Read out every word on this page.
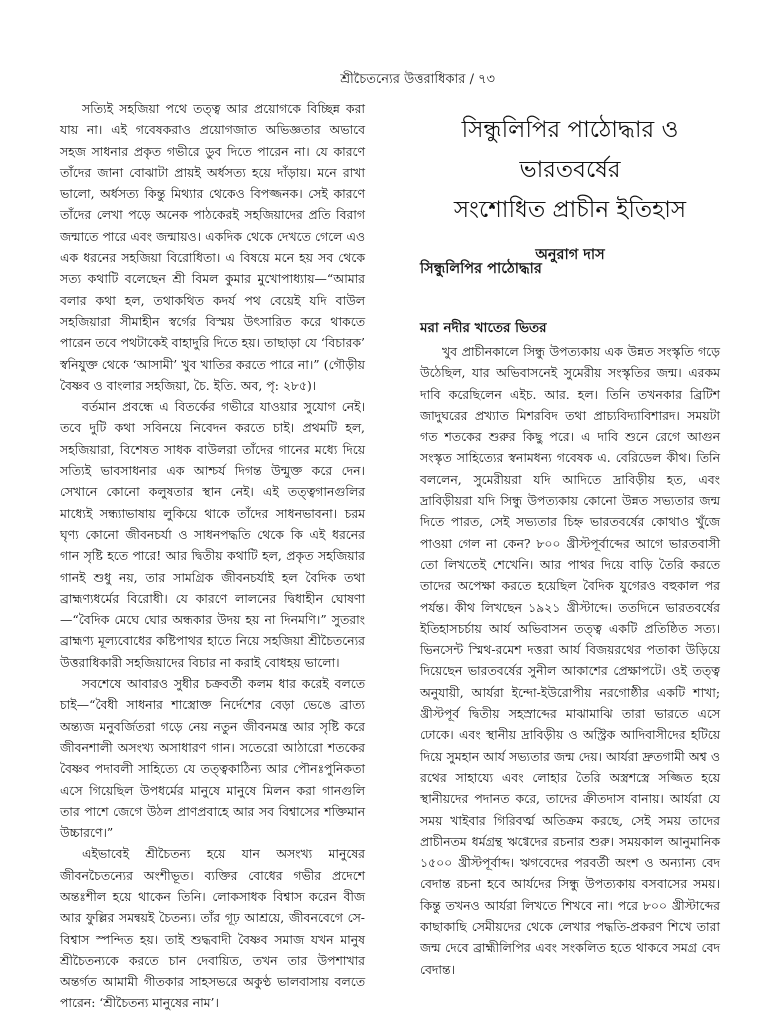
শ্রীচৈতন্যের উত্তরাধিকার / ৭৩

সত্যিই সহজিয়া পথে তত্ত্ব আর প্রয়োগকে বিচ্ছিন্ন করা যায় না। এই গবেষকরাও প্রয়োগজাত অভিজ্ঞতার অভাবে সহজ সাধনার প্রকৃত গভীরে ডুব দিতে পারেন না। যে কারণে তাঁদের জানা বোঝাটা প্রায়ই অর্ধসত্য হয়ে দাঁড়ায়। মনে রাখা ভালো, অর্ধসত্য কিন্তু মিথ্যার থেকেও বিপজ্জনক। সেই কারণে তাঁদের লেখা পড়ে অনেক পাঠকেরই সহজিয়াদের প্রতি বিরাগ জন্মাতে পারে এবং জন্মায়ও। একদিক থেকে দেখতে গেলে এও এক ধরনের সহজিয়া বিরোধিতা। এ বিষয়ে মনে হয় সব থেকে সত্য কথাটি বলেছেন শ্রী বিমল কুমার মুখোপাধ্যায়—“আমার বলার কথা হল, তথাকথিত কদর্য পথ বেয়েই যদি বাউল সহজিয়ারা সীমাহীন স্বর্গের বিস্ময় উৎসারিত করে থাকতে পারেন তবে পথটাকেই বাহাদুরি দিতে হয়। তাছাড়া যে ‘বিচারক’ স্বনিযুক্ত থেকে ‘আসামী’ খুব খাতির করতে পারে না।” (গৌড়ীয় বৈষ্ণব ও বাংলার সহজিয়া, চৈ. ইতি. অব, পৃ: ২৮৫)।

বর্তমান প্রবন্ধে এ বিতর্কের গভীরে যাওয়ার সুযোগ নেই। তবে দুটি কথা সবিনয়ে নিবেদন করতে চাই। প্রথমটি হল, সহজিয়ারা, বিশেষত সাধক বাউলরা তাঁদের গানের মধ্যে দিয়ে সত্যিই ভাবসাধনার এক আশ্চর্য দিগন্ত উন্মুক্ত করে দেন। সেখানে কোনো কলুষতার স্থান নেই। এই তত্ত্বগানগুলির মাধ্যেই সন্ধ্যাভাষায় লুকিয়ে থাকে তাঁদের সাধনভাবনা। চরম ঘৃণ্য কোনো জীবনচর্যা ও সাধনপদ্ধতি থেকে কি এই ধরনের গান সৃষ্টি হতে পারে! আর দ্বিতীয় কথাটি হল, প্রকৃত সহজিয়ার গানই শুধু নয়, তার সামগ্রিক জীবনচর্যাই হল বৈদিক তথা ব্রাহ্মণ্যধর্মের বিরোধী। যে কারণে লালনের দ্বিধাহীন ঘোষণা—“বৈদিক মেঘে ঘোর অন্ধকার উদয় হয় না দিনমণি।” সুতরাং ব্রাহ্মণ্য মূল্যবোধের কষ্টিপাথর হাতে নিয়ে সহজিয়া শ্রীচৈতন্যের উত্তরাধিকারী সহজিয়াদের বিচার না করাই বোধহয় ভালো।

সবশেষে আবারও সুধীর চক্রবর্তী কলম ধার করেই বলতে চাই—“বৈধী সাধনার শাস্ত্রোক্ত নির্দেশের বেড়া ভেঙে ব্রাত্য অন্ত্যজ মনুবর্জিতরা গড়ে নেয় নতুন জীবনমন্ত্র আর সৃষ্টি করে জীবনশালী অসংখ্য অসাধারণ গান। সতেরো আঠারো শতকের বৈষ্ণব পদাবলী সাহিত্যে যে তত্ত্বকাঠিন্য আর পৌনঃপুনিকতা এসে গিয়েছিল উপধর্মের মানুষে মানুষে মিলন করা গানগুলি তার পাশে জেগে উঠল প্রাণপ্রবাহে আর সব বিশ্বাসের শক্তিমান উচ্চারণে।”

এইভাবেই শ্রীচৈতন্য হয়ে যান অসংখ্য মানুষের জীবনচৈতন্যের অংশীভূত। ব্যক্তির বোধের গভীর প্রদেশে অন্তঃশীল হয়ে থাকেন তিনি। লোকসাধক বিশ্বাস করেন বীজ আর ফুল্লির সমন্বয়ই চৈতন্য। তাঁর গূঢ় আশ্রয়ে, জীবনবেগে সে-বিশ্বাস স্পন্দিত হয়। তাই শুদ্ধবাদী বৈষ্ণব সমাজ যখন মানুষ শ্রীচৈতন্যকে করতে চান দেবায়িত, তখন তার উপশাখার অন্তর্গত আমামী গীতকার সাহসভরে অকুণ্ঠ ভালবাসায় বলতে পারেন: ‘শ্রীচৈতন্য মানুষের নাম’।

সিন্ধুলিপির পাঠোদ্ধার ও ভারতবর্ষের
সংশোধিত প্রাচীন ইতিহাস
অনুরাগ দাস
সিন্ধুলিপির পাঠোদ্ধার
মরা নদীর খাতের ভিতর

খুব প্রাচীনকালে সিন্ধু উপত্যকায় এক উন্নত সংস্কৃতি গড়ে উঠেছিল, যার অভিবাসনেই সুমেরীয় সংস্কৃতির জন্ম। এরকম দাবি করেছিলেন এইচ. আর. হল। তিনি তখনকার ব্রিটিশ জাদুঘরের প্রখ্যাত মিশরবিদ তথা প্রাচ্যবিদ্যাবিশারদ। সময়টা গত শতকের শুরুর কিছু পরে। এ দাবি শুনে রেগে আগুন সংস্কৃত সাহিত্যের স্বনামধন্য গবেষক এ. বেরিডেল কীথ। তিনি বললেন, সুমেরীয়রা যদি আদিতে দ্রাবিড়ীয় হত, এবং দ্রাবিড়ীয়রা যদি সিন্ধু উপত্যকায় কোনো উন্নত সভ্যতার জন্ম দিতে পারত, সেই সভ্যতার চিহ্ন ভারতবর্ষের কোথাও খুঁজে পাওয়া গেল না কেন? ৮০০ খ্রীস্টপূর্বাব্দের আগে ভারতবাসী তো লিখতেই শেখেনি। আর পাথর দিয়ে বাড়ি তৈরি করতে তাদের অপেক্ষা করতে হয়েছিল বৈদিক যুগেরও বহুকাল পর পর্যন্ত। কীথ লিখছেন ১৯২১ খ্রীস্টাব্দে। ততদিনে ভারতবর্ষের ইতিহাসচর্চায় আর্য অভিবাসন তত্ত্ব একটি প্রতিষ্ঠিত সত্য। ভিনসেন্ট স্মিথ-রমেশ দত্তরা আর্য বিজয়রথের পতাকা উড়িয়ে দিয়েছেন ভারতবর্ষের সুনীল আকাশের প্রেক্ষাপটে। ওই তত্ত্ব অনুযায়ী, আর্যরা ইন্দো-ইউরোপীয় নরগোষ্ঠীর একটি শাখা; খ্রীস্টপূর্ব দ্বিতীয় সহস্রাব্দের মাঝামাঝি তারা ভারতে এসে ঢোকে। এবং স্থানীয় দ্রাবিড়ীয় ও অস্ট্রিক আদিবাসীদের হটিয়ে দিয়ে সুমহান আর্য সভ্যতার জন্ম দেয়। আর্যরা দ্রুতগামী অশ্ব ও রথের সাহায্যে এবং লোহার তৈরি অস্ত্রশস্ত্রে সজ্জিত হয়ে স্থানীয়দের পদানত করে, তাদের ক্রীতদাস বানায়। আর্যরা যে সময় খাইবার গিরিবর্ত্ম অতিক্রম করছে, সেই সময় তাদের প্রাচীনতম ধর্মগ্রন্থ ঋগ্বেদের রচনার শুরু। সময়কাল আনুমানিক ১৫০০ খ্রীস্টপূর্বাব্দ। ঋগবেদের পরবর্তী অংশ ও অন্যান্য বেদ বেদান্ত রচনা হবে আর্যদের সিন্ধু উপত্যকায় বসবাসের সময়। কিন্তু তখনও আর্যরা লিখতে শিখবে না। পরে ৮০০ খ্রীস্টাব্দের কাছাকাছি সেমীয়দের থেকে লেখার পদ্ধতি-প্রকরণ শিখে তারা জন্ম দেবে ব্রাহ্মীলিপির এবং সংকলিত হতে থাকবে সমগ্র বেদ বেদান্ত।
